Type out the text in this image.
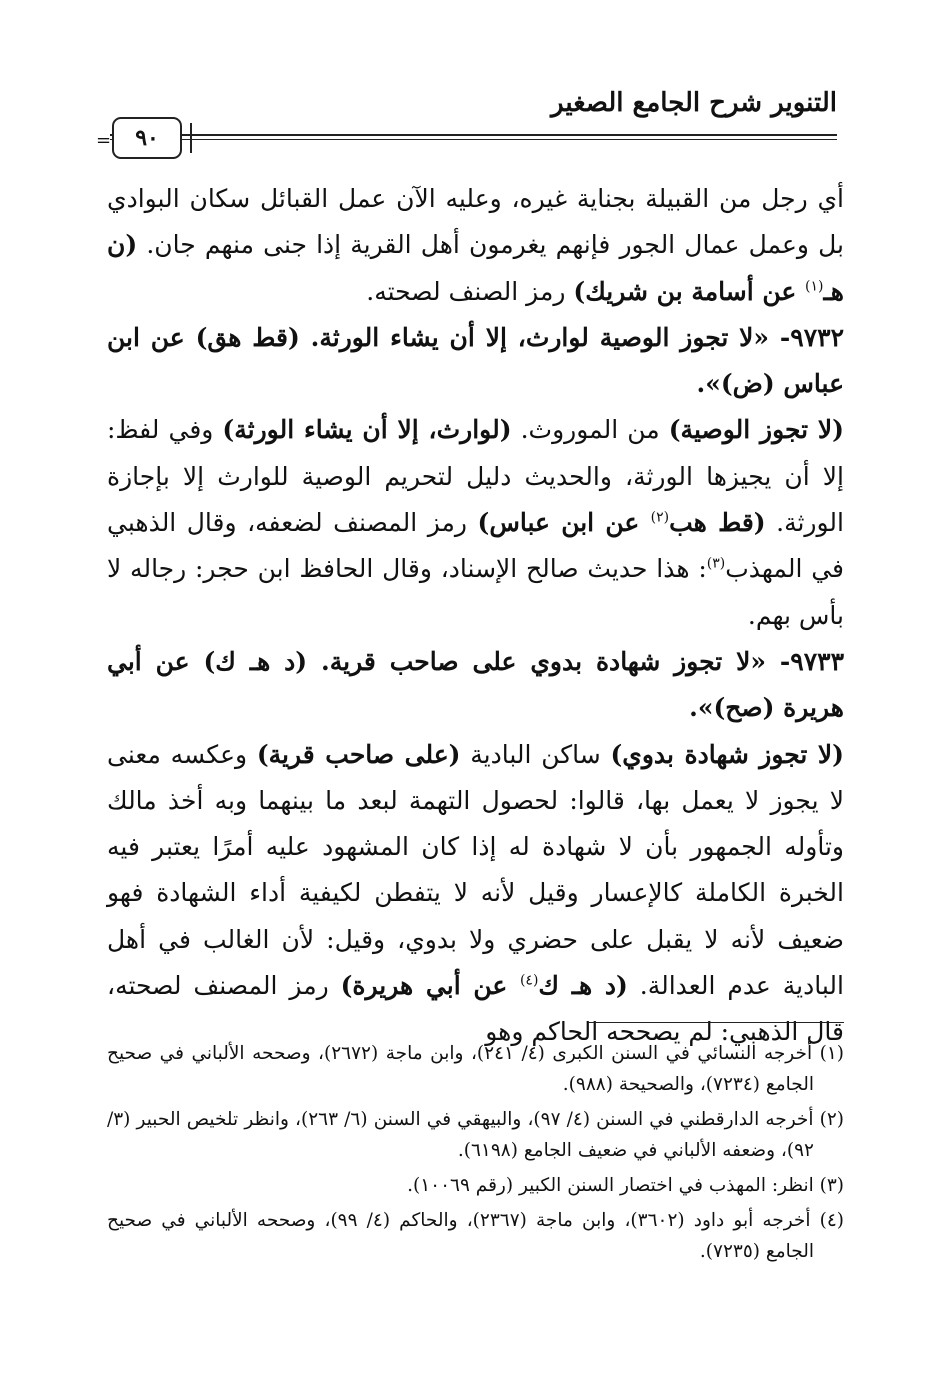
التنوير شرح الجامع الصغير
=	٩٠

أي رجل من القبيلة بجناية غيره، وعليه الآن عمل القبائل سكان البوادي بل وعمل عمال الجور فإنهم يغرمون أهل القرية إذا جنى منهم جان. (ن هـ$^{(١)}$ عن أسامة بن شريك) رمز الصنف لصحته.

٩٧٣٢- «لا تجوز الوصية لوارث، إلا أن يشاء الورثة. (قط هق) عن ابن عباس (ض)».

(لا تجوز الوصية) من الموروث. (لوارث، إلا أن يشاء الورثة) وفي لفظ: إلا أن يجيزها الورثة، والحديث دليل لتحريم الوصية للوارث إلا بإجازة الورثة. (قط هب$^{(٢)}$ عن ابن عباس) رمز المصنف لضعفه، وقال الذهبي في المهذب$^{(٣)}$: هذا حديث صالح الإسناد، وقال الحافظ ابن حجر: رجاله لا بأس بهم.

٩٧٣٣- «لا تجوز شهادة بدوي على صاحب قرية. (د هـ ك) عن أبي هريرة (صح)».

(لا تجوز شهادة بدوي) ساكن البادية (على صاحب قرية) وعكسه معنى لا يجوز لا يعمل بها، قالوا: لحصول التهمة لبعد ما بينهما وبه أخذ مالك وتأوله الجمهور بأن لا شهادة له إذا كان المشهود عليه أمرًا يعتبر فيه الخبرة الكاملة كالإعسار وقيل لأنه لا يتفطن لكيفية أداء الشهادة فهو ضعيف لأنه لا يقبل على حضري ولا بدوي، وقيل: لأن الغالب في أهل البادية عدم العدالة. (د هـ ك$^{(٤)}$ عن أبي هريرة) رمز المصنف لصحته، قال الذهبي: لم يصححه الحاكم وهو

(١) أخرجه النسائي في السنن الكبرى (٤/ ٢٤١)، وابن ماجة (٢٦٧٢)، وصححه الألباني في صحيح الجامع (٧٢٣٤)، والصحيحة (٩٨٨).

(٢) أخرجه الدارقطني في السنن (٤/ ٩٧)، والبيهقي في السنن (٦/ ٢٦٣)، وانظر تلخيص الحبير (٣/ ٩٢)، وضعفه الألباني في ضعيف الجامع (٦١٩٨).

(٣) انظر: المهذب في اختصار السنن الكبير (رقم ١٠٠٦٩).

(٤) أخرجه أبو داود (٣٦٠٢)، وابن ماجة (٢٣٦٧)، والحاكم (٤/ ٩٩)، وصححه الألباني في صحيح الجامع (٧٢٣٥).
